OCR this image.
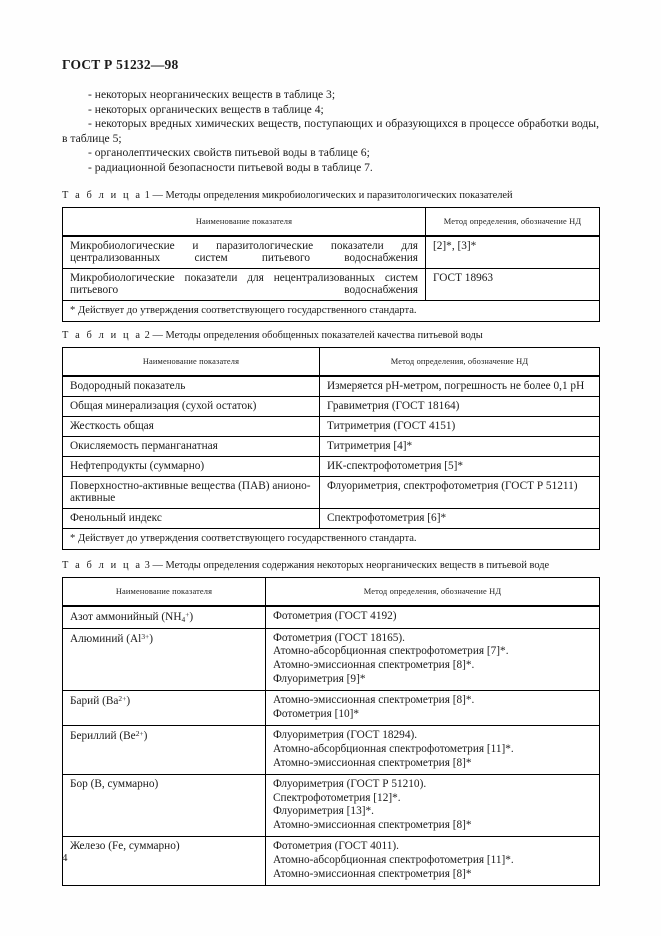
ГОСТ Р 51232—98
- некоторых неорганических веществ в таблице 3;
- некоторых органических веществ в таблице 4;
- некоторых вредных химических веществ, поступающих и образующихся в процессе обработки воды, в таблице 5;
- органолептических свойств питьевой воды в таблице 6;
- радиационной безопасности питьевой воды в таблице 7.
Т а б л и ц а 1 — Методы определения микробиологических и паразитологических показателей
Наименование показателя	Метод определения, обозначение НД
Микробиологические и паразитологические показатели для централизованных систем питьевого водоснабжения	[2]*, [3]*

Микробиологические показатели для нецентрализованных систем питьевого водоснабжения	ГОСТ 18963

* Действует до утверждения соответствующего государственного стандарта.	
Т а б л и ц а 2 — Методы определения обобщенных показателей качества питьевой воды
Наименование показателя	Метод определения, обозначение НД
Водородный показатель	Измеряется рН-метром, погрешность не более 0,1 рН

Общая минерализация (сухой остаток)	Гравиметрия (ГОСТ 18164)

Жесткость общая	Титриметрия (ГОСТ 4151)

Окисляемость перманганатная	Титриметрия [4]*

Нефтепродукты (суммарно)	ИК-спектрофотометрия [5]*

Поверхностно-активные вещества (ПАВ) анионо-активные	Флуориметрия, спектрофотометрия (ГОСТ Р 51211)

Фенольный индекс	Спектрофотометрия [6]*

* Действует до утверждения соответствующего государственного стандарта.	
Т а б л и ц а 3 — Методы определения содержания некоторых неорганических веществ в питьевой воде
Наименование показателя	Метод определения, обозначение НД
Азот аммонийный $(NH_4^+)$	Фотометрия (ГОСТ 4192)

Алюминий $(Al^{3+})$	Фотометрия (ГОСТ 18165).
Атомно-абсорбционная спектрофотометрия [7]*.
Атомно-эмиссионная спектрометрия [8]*.
Флуориметрия [9]*

Барий $(Ba^{2+})$	Атомно-эмиссионная спектрометрия [8]*.
Фотометрия [10]*

Бериллий $(Be^{2+})$	Флуориметрия (ГОСТ 18294).
Атомно-абсорбционная спектрофотометрия [11]*.
Атомно-эмиссионная спектрометрия [8]*

Бор (В, суммарно)	Флуориметрия (ГОСТ Р 51210).
Спектрофотометрия [12]*.
Флуориметрия [13]*.
Атомно-эмиссионная спектрометрия [8]*

Железо (Fe, суммарно)	Фотометрия (ГОСТ 4011).
Атомно-абсорбционная спектрофотометрия [11]*.
Атомно-эмиссионная спектрометрия [8]*
4
